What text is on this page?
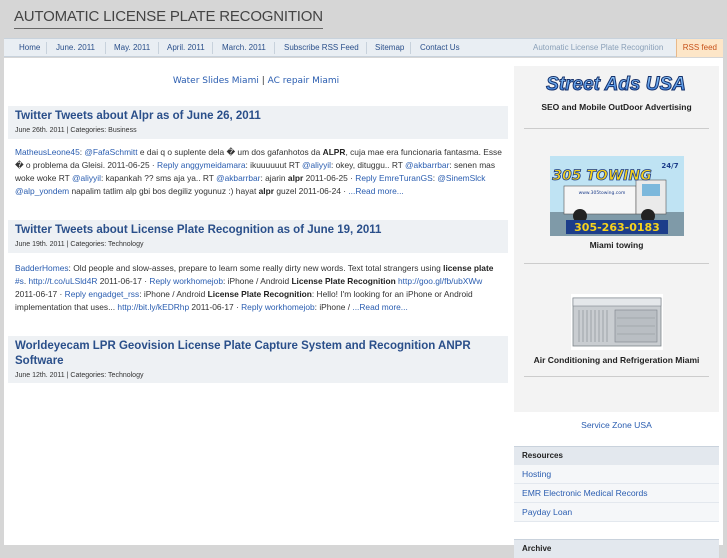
AUTOMATIC LICENSE PLATE RECOGNITION
Home June. 2011 May. 2011 April. 2011 March. 2011 Subscribe RSS Feed Sitemap Contact Us	Automatic License Plate Recognition	RSS feed
Water Slides Miami | AC repair Miami
Twitter Tweets about Alpr as of June 26, 2011
June 26th. 2011 | Categories: Business
MatheusLeone45: @FafaSchmitt e dai q o suplente dela � um dos gafanhotos da ALPR, cuja mae era funcionaria fantasma. Esse � o problema da Gleisi. 2011-06-25 · Reply anggymeidamara: ikuuuuuut RT @aliyyil: okey, dituggu.. RT @akbarrbar: senen mas woke woke RT @aliyyil: kapankah ?? sms aja ya.. RT @akbarrbar: ajarin alpr 2011-06-25 · Reply EmreTuranGS: @SinemSlck @alp_yondem napalim tatlim alp gbi bos degiliz yogunuz :) hayat alpr guzel 2011-06-24 · ...Read more...
Twitter Tweets about License Plate Recognition as of June 19, 2011
June 19th. 2011 | Categories: Technology
BadderHomes: Old people and slow-asses, prepare to learn some really dirty new words. Text total strangers using license plate #s. http://t.co/uLSld4R 2011-06-17 · Reply workhomejob: iPhone / Android License Plate Recognition http://goo.gl/fb/ubXWw 2011-06-17 · Reply engadget_rss: iPhone / Android License Plate Recognition: Hello! I'm looking for an iPhone or Android implementation that uses... http://bit.ly/kEDRhp 2011-06-17 · Reply workhomejob: iPhone / ...Read more...
Worldeyecam LPR Geovision License Plate Capture System and Recognition ANPR Software
June 12th. 2011 | Categories: Technology
Street Ads USA
SEO and Mobile OutDoor Advertising
305 TOWING
24/7
www.305towing.com
305-263-0183
Miami towing
Air Conditioning and Refrigeration Miami
Service Zone USA
Resources
Hosting
EMR Electronic Medical Records
Payday Loan
Archive
